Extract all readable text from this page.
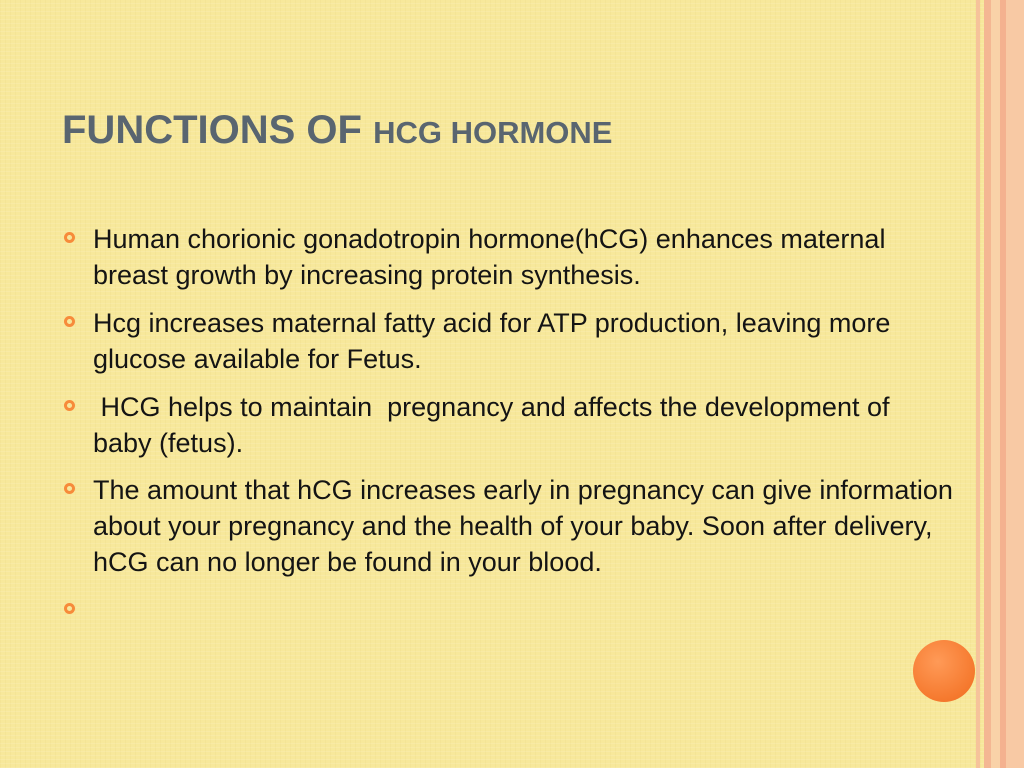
FUNCTIONS OF HCG HORMONE
Human chorionic gonadotropin hormone(hCG) enhances maternal breast growth by increasing protein synthesis.
Hcg increases maternal fatty acid for ATP production, leaving more glucose available for Fetus.
HCG helps to maintain  pregnancy and affects the development of  baby (fetus).
The amount that hCG increases early in pregnancy can give information about your pregnancy and the health of your baby. Soon after delivery, hCG can no longer be found in your blood.
